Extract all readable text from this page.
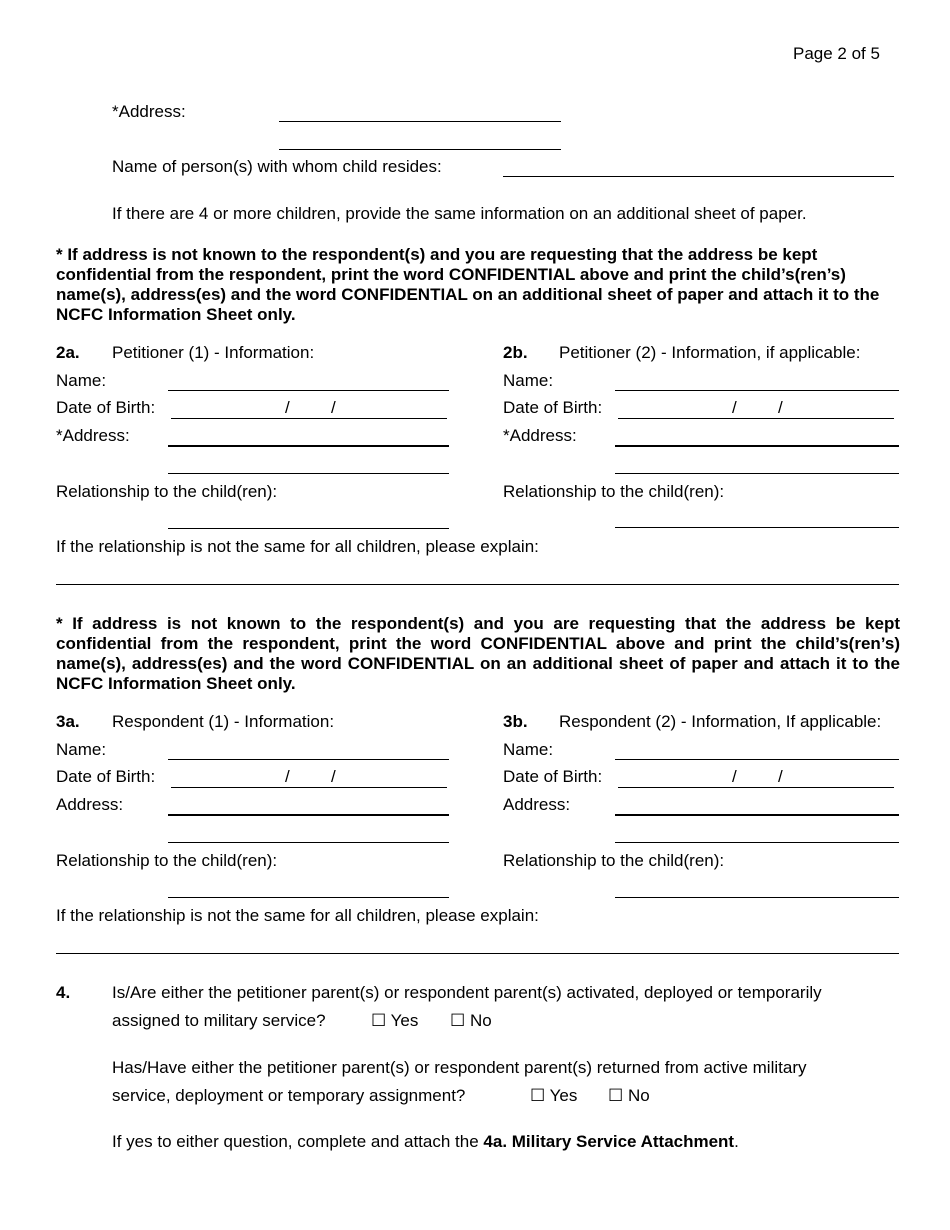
Page 2 of 5
*Address:
Name of person(s) with whom child resides:
If there are 4 or more children, provide the same information on an additional sheet of paper.
* If address is not known to the respondent(s) and you are requesting that the address be kept confidential from the respondent, print the word CONFIDENTIAL above and print the child’s(ren’s) name(s), address(es) and the word CONFIDENTIAL on an additional sheet of paper and attach it to the NCFC Information Sheet only.
2a. Petitioner (1) - Information:
Name:
Date of Birth:	/ /
*Address:
Relationship to the child(ren):
2b. Petitioner (2) - Information, if applicable:
Name:
Date of Birth:	/ /
*Address:
Relationship to the child(ren):
If the relationship is not the same for all children, please explain:
* If address is not known to the respondent(s) and you are requesting that the address be kept confidential from the respondent, print the word CONFIDENTIAL above and print the child’s(ren’s) name(s), address(es) and the word CONFIDENTIAL on an additional sheet of paper and attach it to the NCFC Information Sheet only.
3a. Respondent (1) - Information:
Name:
Date of Birth:	/ /
Address:
Relationship to the child(ren):
3b. Respondent (2) - Information, If applicable:
Name:
Date of Birth:	/ /
Address:
Relationship to the child(ren):
If the relationship is not the same for all children, please explain:
4. Is/Are either the petitioner parent(s) or respondent parent(s) activated, deployed or temporarily
assigned to military service?	☐ Yes ☐ No
Has/Have either the petitioner parent(s) or respondent parent(s) returned from active military
service, deployment or temporary assignment?	☐ Yes ☐ No
If yes to either question, complete and attach the 4a. Military Service Attachment.
